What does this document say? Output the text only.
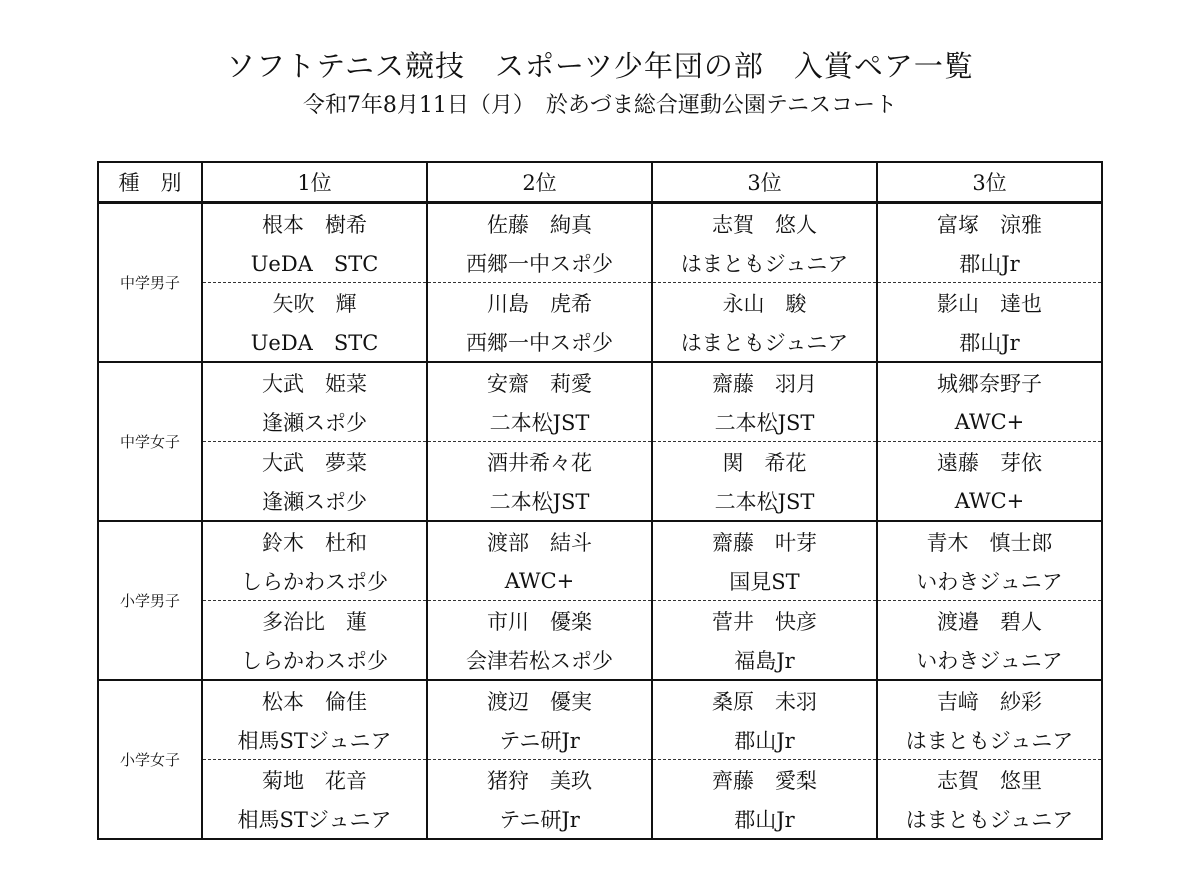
ソフトテニス競技　スポーツ少年団の部　入賞ペア一覧
令和7年8月11日（月）　於あづま総合運動公園テニスコート
種　別	1位	2位	3位	3位
中学男子	根本　樹希	佐藤　絢真	志賀　悠人	富塚　涼雅
	UeDA　STC	西郷一中スポ少	はまともジュニア	郡山Jr
	矢吹　輝	川島　虎希	永山　駿	影山　達也
	UeDA　STC	西郷一中スポ少	はまともジュニア	郡山Jr
中学女子	大武　姫菜	安齋　莉愛	齋藤　羽月	城郷奈野子
	逢瀬スポ少	二本松JST	二本松JST	AWC+
	大武　夢菜	酒井希々花	関　希花	遠藤　芽依
	逢瀬スポ少	二本松JST	二本松JST	AWC+
小学男子	鈴木　杜和	渡部　結斗	齋藤　叶芽	青木　慎士郎
	しらかわスポ少	AWC+	国見ST	いわきジュニア
	多治比　蓮	市川　優楽	菅井　快彦	渡邉　碧人
	しらかわスポ少	会津若松スポ少	福島Jr	いわきジュニア
小学女子	松本　倫佳	渡辺　優実	桑原　未羽	吉﨑　紗彩
	相馬STジュニア	テニ研Jr	郡山Jr	はまともジュニア
	菊地　花音	猪狩　美玖	齊藤　愛梨	志賀　悠里
	相馬STジュニア	テニ研Jr	郡山Jr	はまともジュニア
